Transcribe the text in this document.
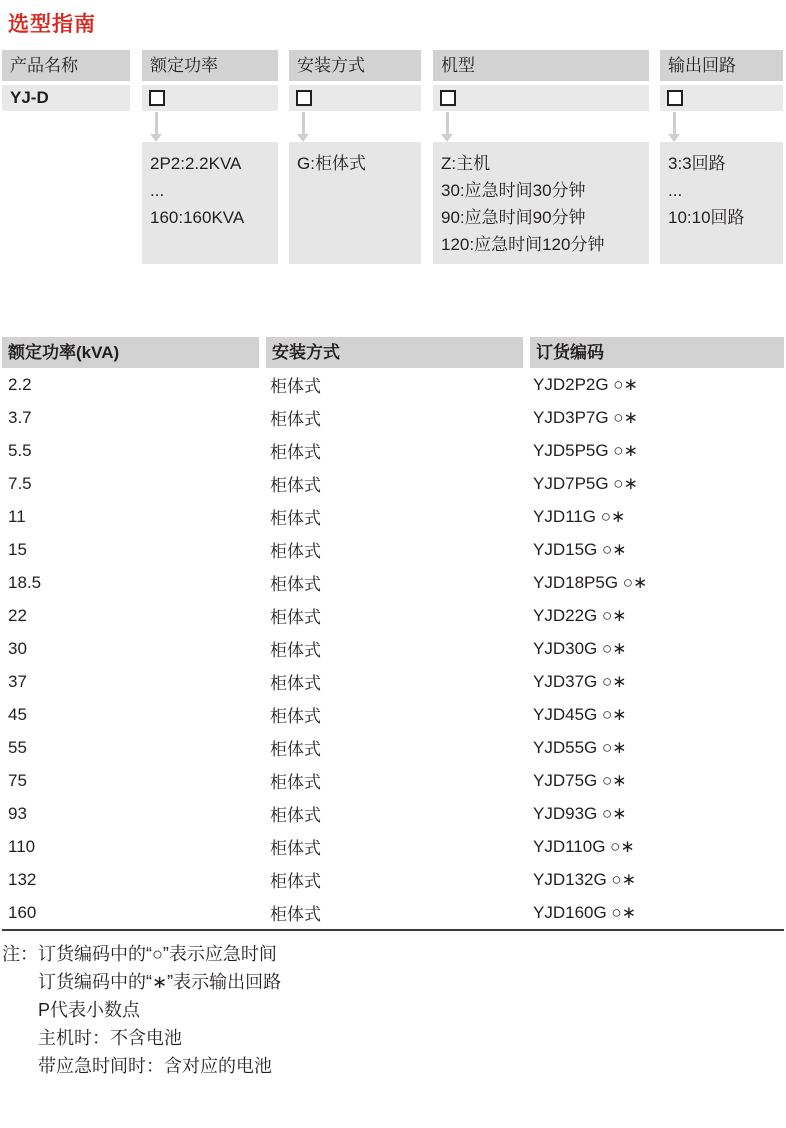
选型指南
产品名称
YJ-D
额定功率
2P2:2.2KVA
...
160:160KVA
安装方式
G:柜体式
机型
Z:主机
30:应急时间30分钟
90:应急时间90分钟
120:应急时间120分钟
输出回路
3:3回路
...
10:10回路
额定功率(kVA)	安装方式	订货编码
2.2	柜体式	YJD2P2G ○∗
3.7	柜体式	YJD3P7G ○∗
5.5	柜体式	YJD5P5G ○∗
7.5	柜体式	YJD7P5G ○∗
11	柜体式	YJD11G ○∗
15	柜体式	YJD15G ○∗
18.5	柜体式	YJD18P5G ○∗
22	柜体式	YJD22G ○∗
30	柜体式	YJD30G ○∗
37	柜体式	YJD37G ○∗
45	柜体式	YJD45G ○∗
55	柜体式	YJD55G ○∗
75	柜体式	YJD75G ○∗
93	柜体式	YJD93G ○∗
110	柜体式	YJD110G ○∗
132	柜体式	YJD132G ○∗
160	柜体式	YJD160G ○∗
注： 订货编码中的“○”表示应急时间
订货编码中的“∗”表示输出回路
P代表小数点
主机时：不含电池
带应急时间时：含对应的电池
